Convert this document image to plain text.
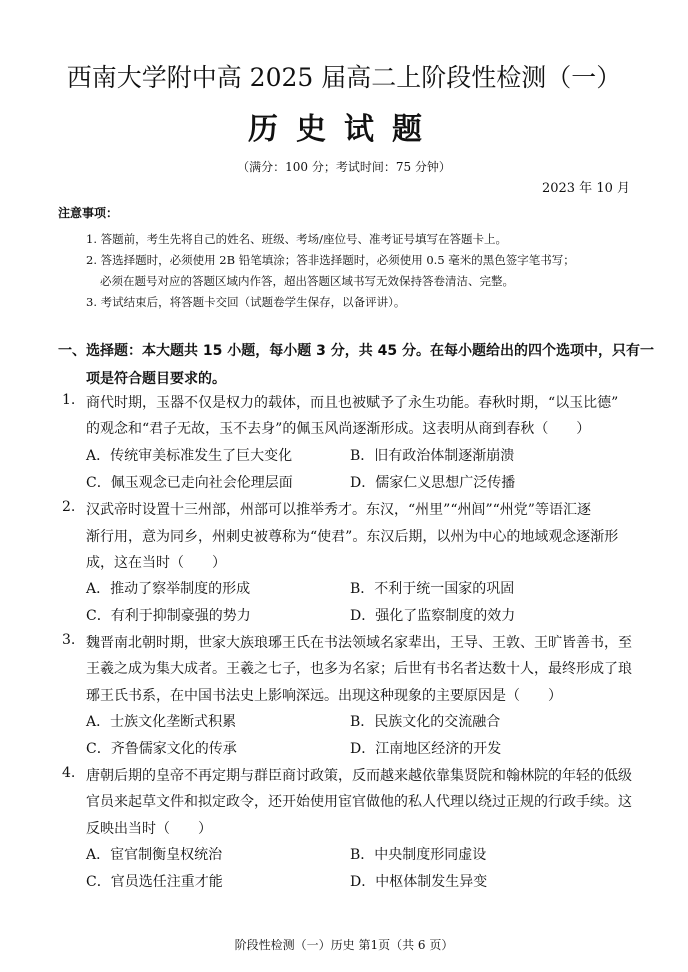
西南大学附中高 2025 届高二上阶段性检测（一）
历史试题
（满分：100 分；考试时间：75 分钟）
2023 年 10 月
注意事项：
1. 答题前，考生先将自己的姓名、班级、考场/座位号、准考证号填写在答题卡上。
2. 答选择题时，必须使用 2B 铅笔填涂；答非选择题时，必须使用 0.5 毫米的黑色签字笔书写；
必须在题号对应的答题区域内作答，超出答题区域书写无效保持答卷清洁、完整。
3. 考试结束后，将答题卡交回（试题卷学生保存，以备评讲）。
一、选择题：本大题共 15 小题，每小题 3 分，共 45 分。在每小题给出的四个选项中，只有一
项是符合题目要求的。
1. 商代时期，玉器不仅是权力的载体，而且也被赋予了永生功能。春秋时期，“以玉比德”
的观念和“君子无故，玉不去身”的佩玉风尚逐渐形成。这表明从商到春秋（　　）
A．传统审美标准发生了巨大变化	B．旧有政治体制逐渐崩溃
C．佩玉观念已走向社会伦理层面	D．儒家仁义思想广泛传播
2. 汉武帝时设置十三州部，州部可以推举秀才。东汉，“州里”“州闾”“州党”等语汇逐
渐行用，意为同乡，州刺史被尊称为“使君”。东汉后期，以州为中心的地域观念逐渐形
成，这在当时（　　）
A．推动了察举制度的形成	B．不利于统一国家的巩固
C．有利于抑制豪强的势力	D．强化了监察制度的效力
3. 魏晋南北朝时期，世家大族琅琊王氏在书法领域名家辈出，王导、王敦、王旷皆善书，至
王羲之成为集大成者。王羲之七子，也多为名家；后世有书名者达数十人，最终形成了琅
琊王氏书系，在中国书法史上影响深远。出现这种现象的主要原因是（　　）
A．士族文化垄断式积累	B．民族文化的交流融合
C．齐鲁儒家文化的传承	D．江南地区经济的开发
4. 唐朝后期的皇帝不再定期与群臣商讨政策，反而越来越依靠集贤院和翰林院的年轻的低级
官员来起草文件和拟定政令，还开始使用宦官做他的私人代理以绕过正规的行政手续。这
反映出当时（　　）
A．宦官制衡皇权统治	B．中央制度形同虚设
C．官员选任注重才能	D．中枢体制发生异变
阶段性检测（一）历史 第1页（共 6 页）
